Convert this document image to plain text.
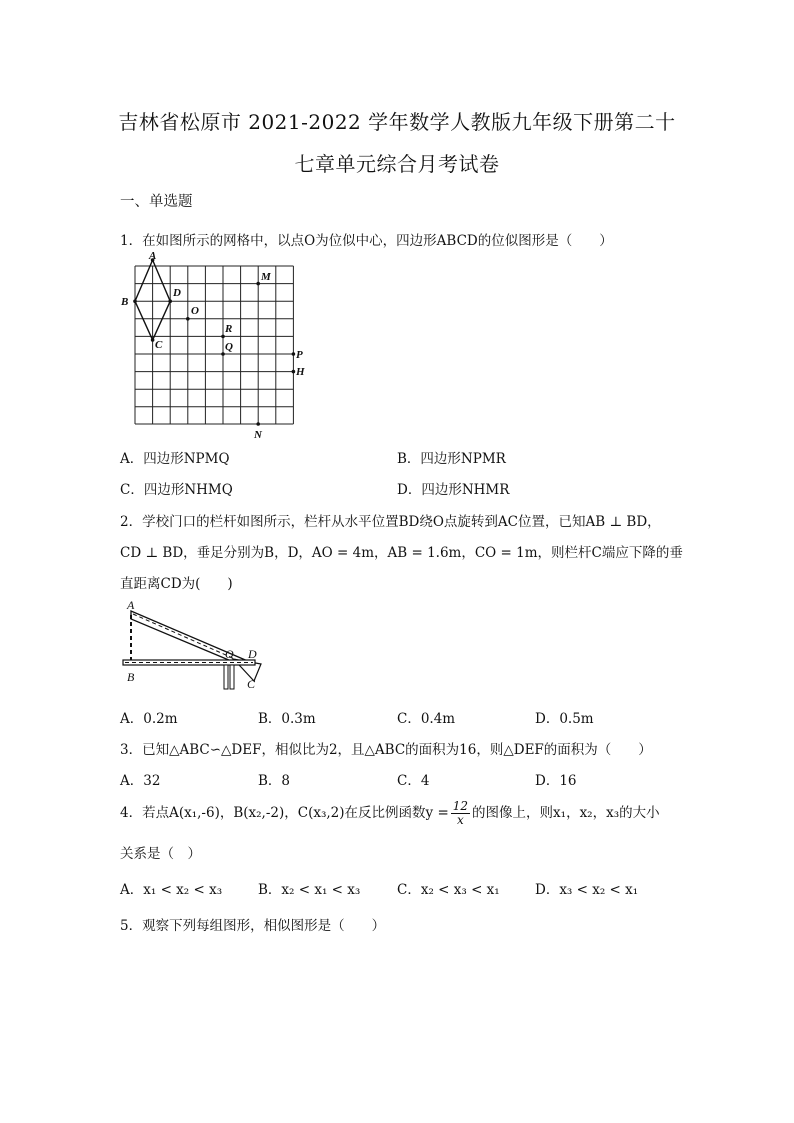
吉林省松原市 2021-2022 学年数学人教版九年级下册第二十
七章单元综合月考试卷
一、单选题
1．在如图所示的网格中，以点O为位似中心，四边形ABCD的位似图形是（　　）
A
B
C
D
O
M
R
Q
P
H
N
A．四边形NPMQ	B．四边形NPMR
C．四边形NHMQ	D．四边形NHMR
2．学校门口的栏杆如图所示，栏杆从水平位置BD绕O点旋转到AC位置，已知AB ⊥ BD，
CD ⊥ BD，垂足分别为B，D，AO = 4m，AB = 1.6m，CO = 1m，则栏杆C端应下降的垂
直距离CD为(　　)
A
B
O D
C
A．0.2m	B．0.3m	C．0.4m	D．0.5m
3．已知△ABC∽△DEF，相似比为2，且△ABC的面积为16，则△DEF的面积为（　　）
A．32	B．8	C．4	D．16
4．若点A(x₁,-6)，B(x₂,-2)，C(x₃,2)在反比例函数$y = \frac{12}{x}$ 的图像上，则x₁，x₂，x₃的大小
关系是（　）
A．x₁ < x₂ < x₃	B．x₂ < x₁ < x₃	C．x₂ < x₃ < x₁	D．x₃ < x₂ < x₁
5．观察下列每组图形，相似图形是（　　）
